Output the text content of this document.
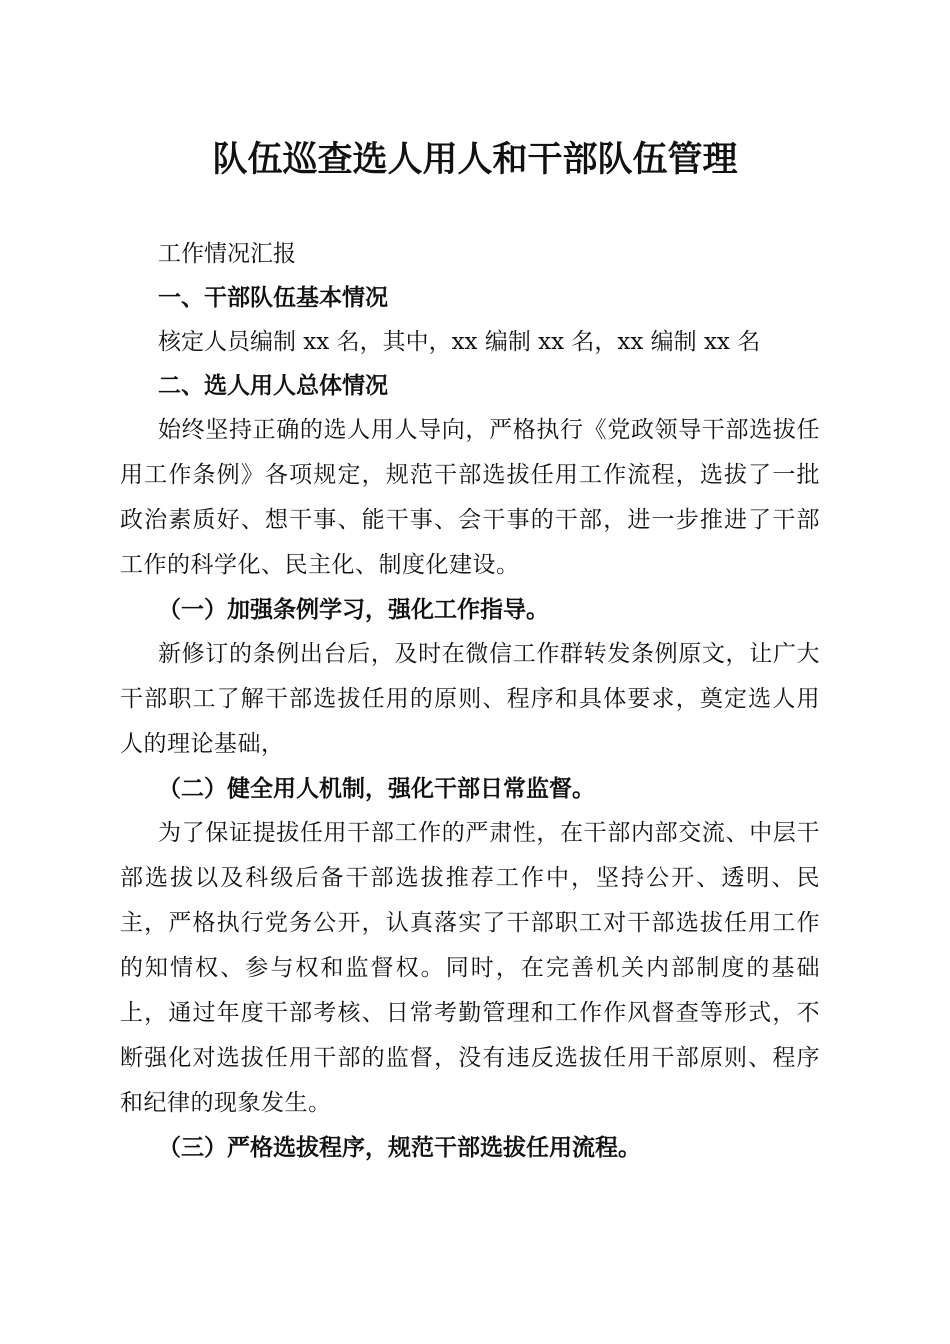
队伍巡查选人用人和干部队伍管理

工作情况汇报

一、干部队伍基本情况

核定人员编制 xx 名，其中，xx 编制 xx 名，xx 编制 xx 名

二、选人用人总体情况

始终坚持正确的选人用人导向，严格执行《党政领导干部选拔任用工作条例》各项规定，规范干部选拔任用工作流程，选拔了一批政治素质好、想干事、能干事、会干事的干部，进一步推进了干部工作的科学化、民主化、制度化建设。

（一）加强条例学习，强化工作指导。

新修订的条例出台后，及时在微信工作群转发条例原文，让广大干部职工了解干部选拔任用的原则、程序和具体要求，奠定选人用人的理论基础，

（二）健全用人机制，强化干部日常监督。

为了保证提拔任用干部工作的严肃性，在干部内部交流、中层干部选拔以及科级后备干部选拔推荐工作中，坚持公开、透明、民主，严格执行党务公开，认真落实了干部职工对干部选拔任用工作的知情权、参与权和监督权。同时，在完善机关内部制度的基础上，通过年度干部考核、日常考勤管理和工作作风督查等形式，不断强化对选拔任用干部的监督，没有违反选拔任用干部原则、程序和纪律的现象发生。

（三）严格选拔程序，规范干部选拔任用流程。
